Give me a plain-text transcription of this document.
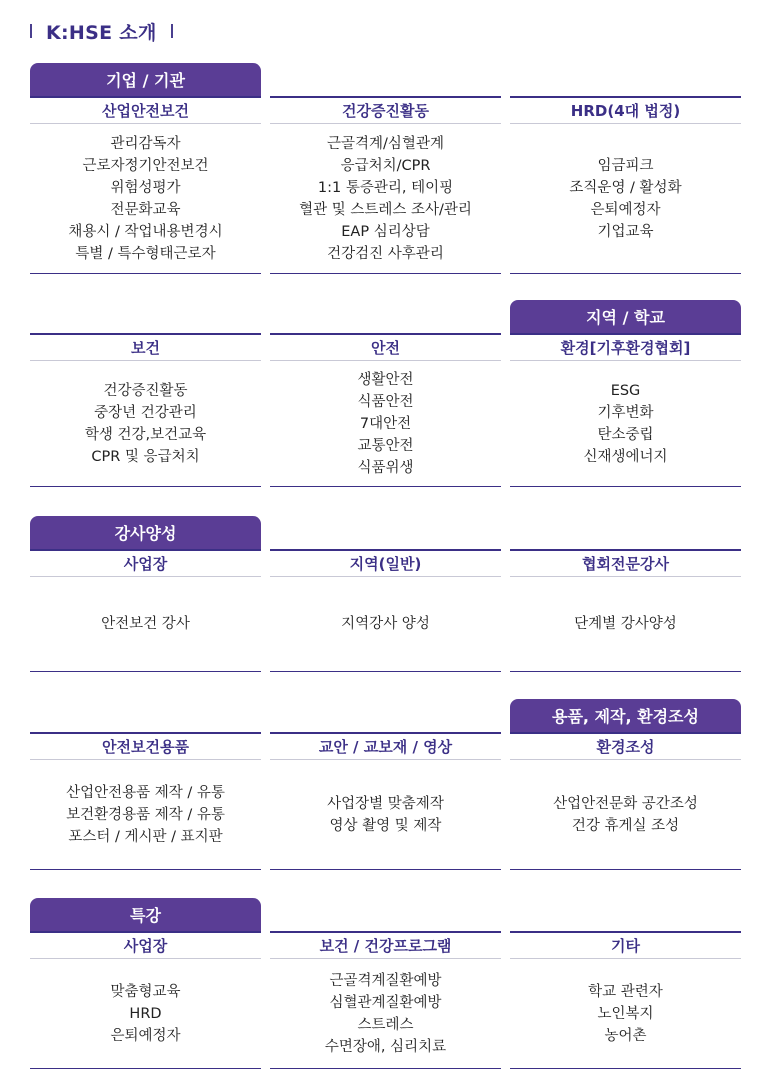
K:HSE 소개
기업 / 기관
산업안전보건
관리감독자
근로자정기안전보건
위험성평가
전문화교육
채용시 / 작업내용변경시
특별 / 특수형태근로자
건강증진활동
근골격계/심혈관계
응급처치/CPR
1:1 통증관리, 테이핑
혈관 및 스트레스 조사/관리
EAP 심리상담
건강검진 사후관리
HRD(4대 법정)
임금피크
조직운영 / 활성화
은퇴예정자
기업교육
지역 / 학교
보건
건강증진활동
중장년 건강관리
학생 건강,보건교육
CPR 및 응급처치
안전
생활안전
식품안전
7대안전
교통안전
식품위생
환경[기후환경협회]
ESG
기후변화
탄소중립
신재생에너지
강사양성
사업장
안전보건 강사
지역(일반)
지역강사 양성
협회전문강사
단계별 강사양성
용품, 제작, 환경조성
안전보건용품
산업안전용품 제작 / 유통
보건환경용품 제작 / 유통
포스터 / 게시판 / 표지판
교안 / 교보재 / 영상
사업장별 맞춤제작
영상 촬영 및 제작
환경조성
산업안전문화 공간조성
건강 휴게실 조성
특강
사업장
맞춤형교육
HRD
은퇴예정자
보건 / 건강프로그램
근골격계질환예방
심혈관계질환예방
스트레스
수면장애, 심리치료
기타
학교 관련자
노인복지
농어촌
